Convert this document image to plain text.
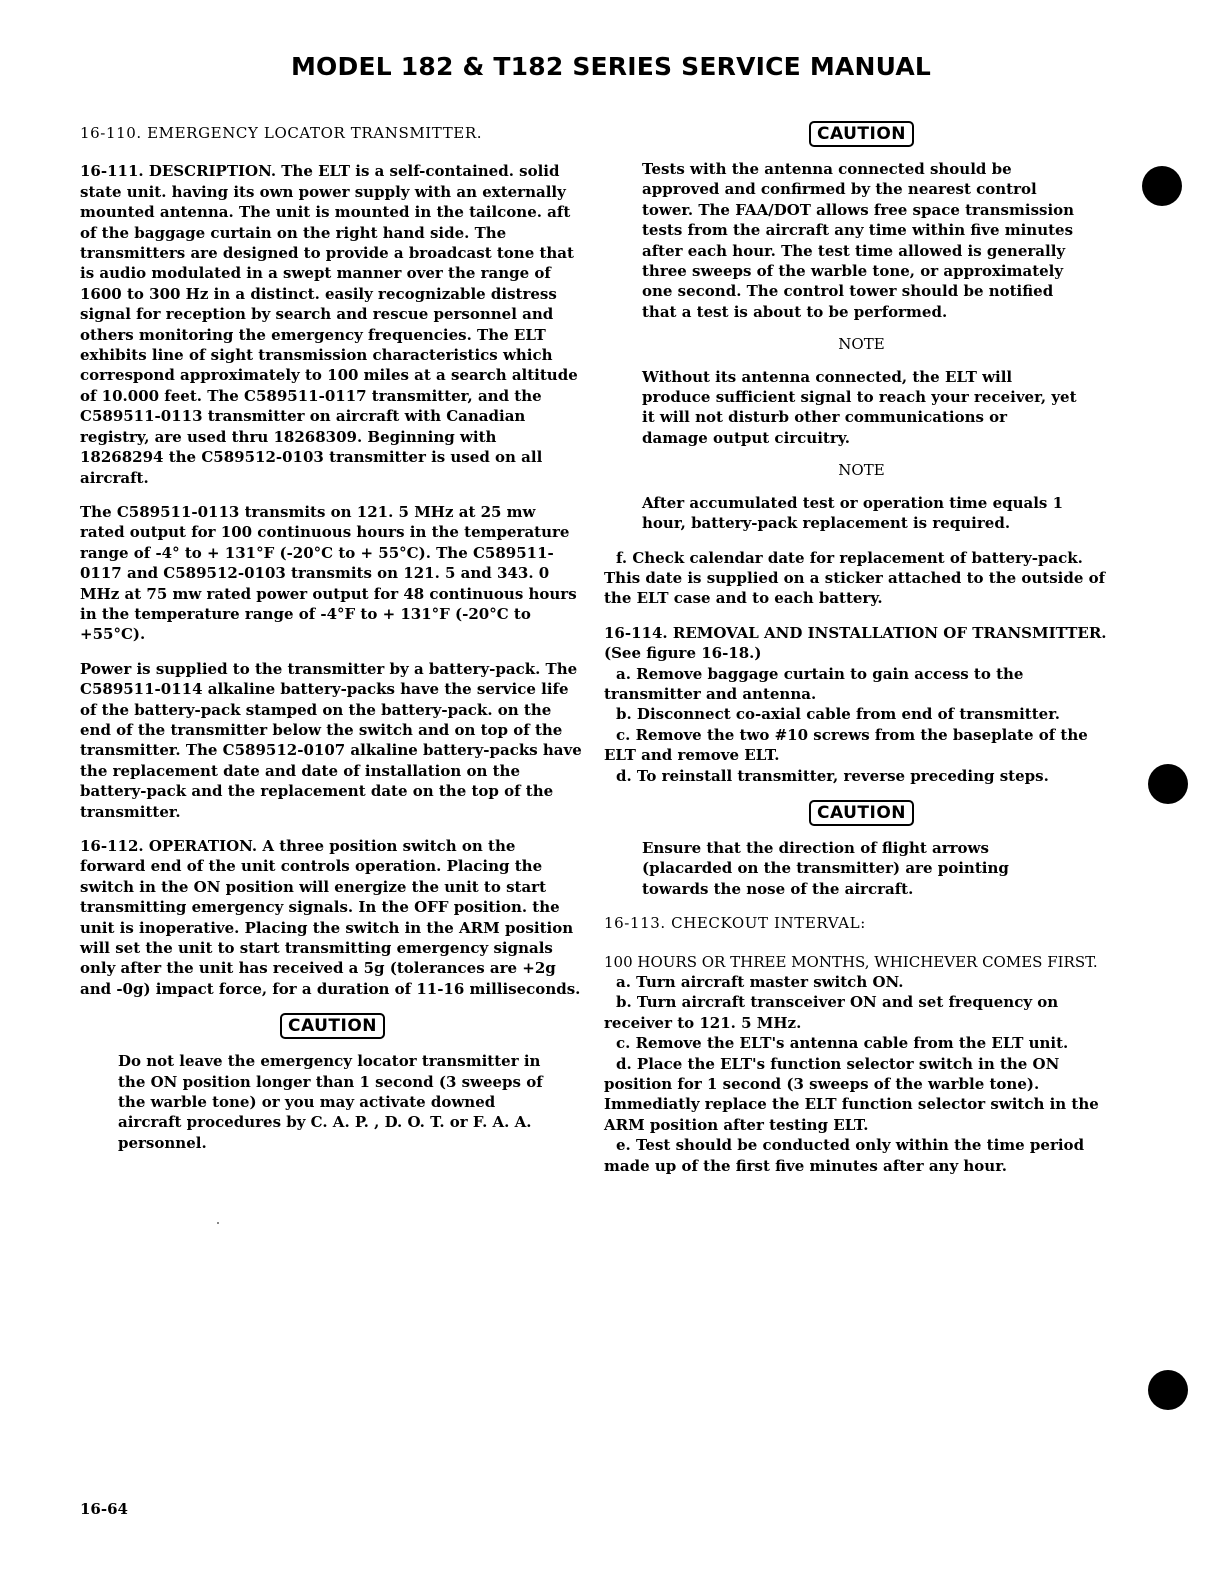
MODEL 182 & T182 SERIES SERVICE MANUAL

16-110. EMERGENCY LOCATOR TRANSMITTER.

16-111. DESCRIPTION. The ELT is a self-contained. solid state unit. having its own power supply with an externally mounted antenna. The unit is mounted in the tailcone. aft of the baggage curtain on the right hand side. The transmitters are designed to provide a broadcast tone that is audio modulated in a swept manner over the range of 1600 to 300 Hz in a distinct. easily recognizable distress signal for reception by search and rescue personnel and others monitoring the emergency frequencies. The ELT exhibits line of sight transmission characteristics which correspond approximately to 100 miles at a search altitude of 10.000 feet. The C589511-0117 transmitter, and the C589511-0113 transmitter on aircraft with Canadian registry, are used thru 18268309. Beginning with 18268294 the C589512-0103 transmitter is used on all aircraft.

The C589511-0113 transmits on 121. 5 MHz at 25 mw rated output for 100 continuous hours in the temperature range of -4° to + 131°F (-20°C to + 55°C). The C589511-0117 and C589512-0103 transmits on 121. 5 and 343. 0 MHz at 75 mw rated power output for 48 continuous hours in the temperature range of -4°F to + 131°F (-20°C to +55°C).

Power is supplied to the transmitter by a battery-pack. The C589511-0114 alkaline battery-packs have the service life of the battery-pack stamped on the battery-pack. on the end of the transmitter below the switch and on top of the transmitter. The C589512-0107 alkaline battery-packs have the replacement date and date of installation on the battery-pack and the replacement date on the top of the transmitter.

16-112. OPERATION. A three position switch on the forward end of the unit controls operation. Placing the switch in the ON position will energize the unit to start transmitting emergency signals. In the OFF position. the unit is inoperative. Placing the switch in the ARM position will set the unit to start transmitting emergency signals only after the unit has received a 5g (tolerances are +2g and -0g) impact force, for a duration of 11-16 milliseconds.

CAUTION

Do not leave the emergency locator transmitter in the ON position longer than 1 second (3 sweeps of the warble tone) or you may activate downed aircraft procedures by C. A. P. , D. O. T. or F. A. A. personnel.

CAUTION

Tests with the antenna connected should be approved and confirmed by the nearest control tower. The FAA/DOT allows free space transmission tests from the aircraft any time within five minutes after each hour. The test time allowed is generally three sweeps of the warble tone, or approximately one second. The control tower should be notified that a test is about to be performed.

NOTE

Without its antenna connected, the ELT will produce sufficient signal to reach your receiver, yet it will not disturb other communications or damage output circuitry.

NOTE

After accumulated test or operation time equals 1 hour, battery-pack replacement is required.

f. Check calendar date for replacement of battery-pack. This date is supplied on a sticker attached to the outside of the ELT case and to each battery.

16-114. REMOVAL AND INSTALLATION OF TRANSMITTER. (See figure 16-18.)

a. Remove baggage curtain to gain access to the transmitter and antenna.

b. Disconnect co-axial cable from end of transmitter.

c. Remove the two #10 screws from the baseplate of the ELT and remove ELT.

d. To reinstall transmitter, reverse preceding steps.

CAUTION

Ensure that the direction of flight arrows (placarded on the transmitter) are pointing towards the nose of the aircraft.

16-113. CHECKOUT INTERVAL:

100 HOURS OR THREE MONTHS, WHICHEVER COMES FIRST.

a. Turn aircraft master switch ON.

b. Turn aircraft transceiver ON and set frequency on receiver to 121. 5 MHz.

c. Remove the ELT's antenna cable from the ELT unit.

d. Place the ELT's function selector switch in the ON position for 1 second (3 sweeps of the warble tone). Immediatly replace the ELT function selector switch in the ARM position after testing ELT.

e. Test should be conducted only within the time period made up of the first five minutes after any hour.

16-64
